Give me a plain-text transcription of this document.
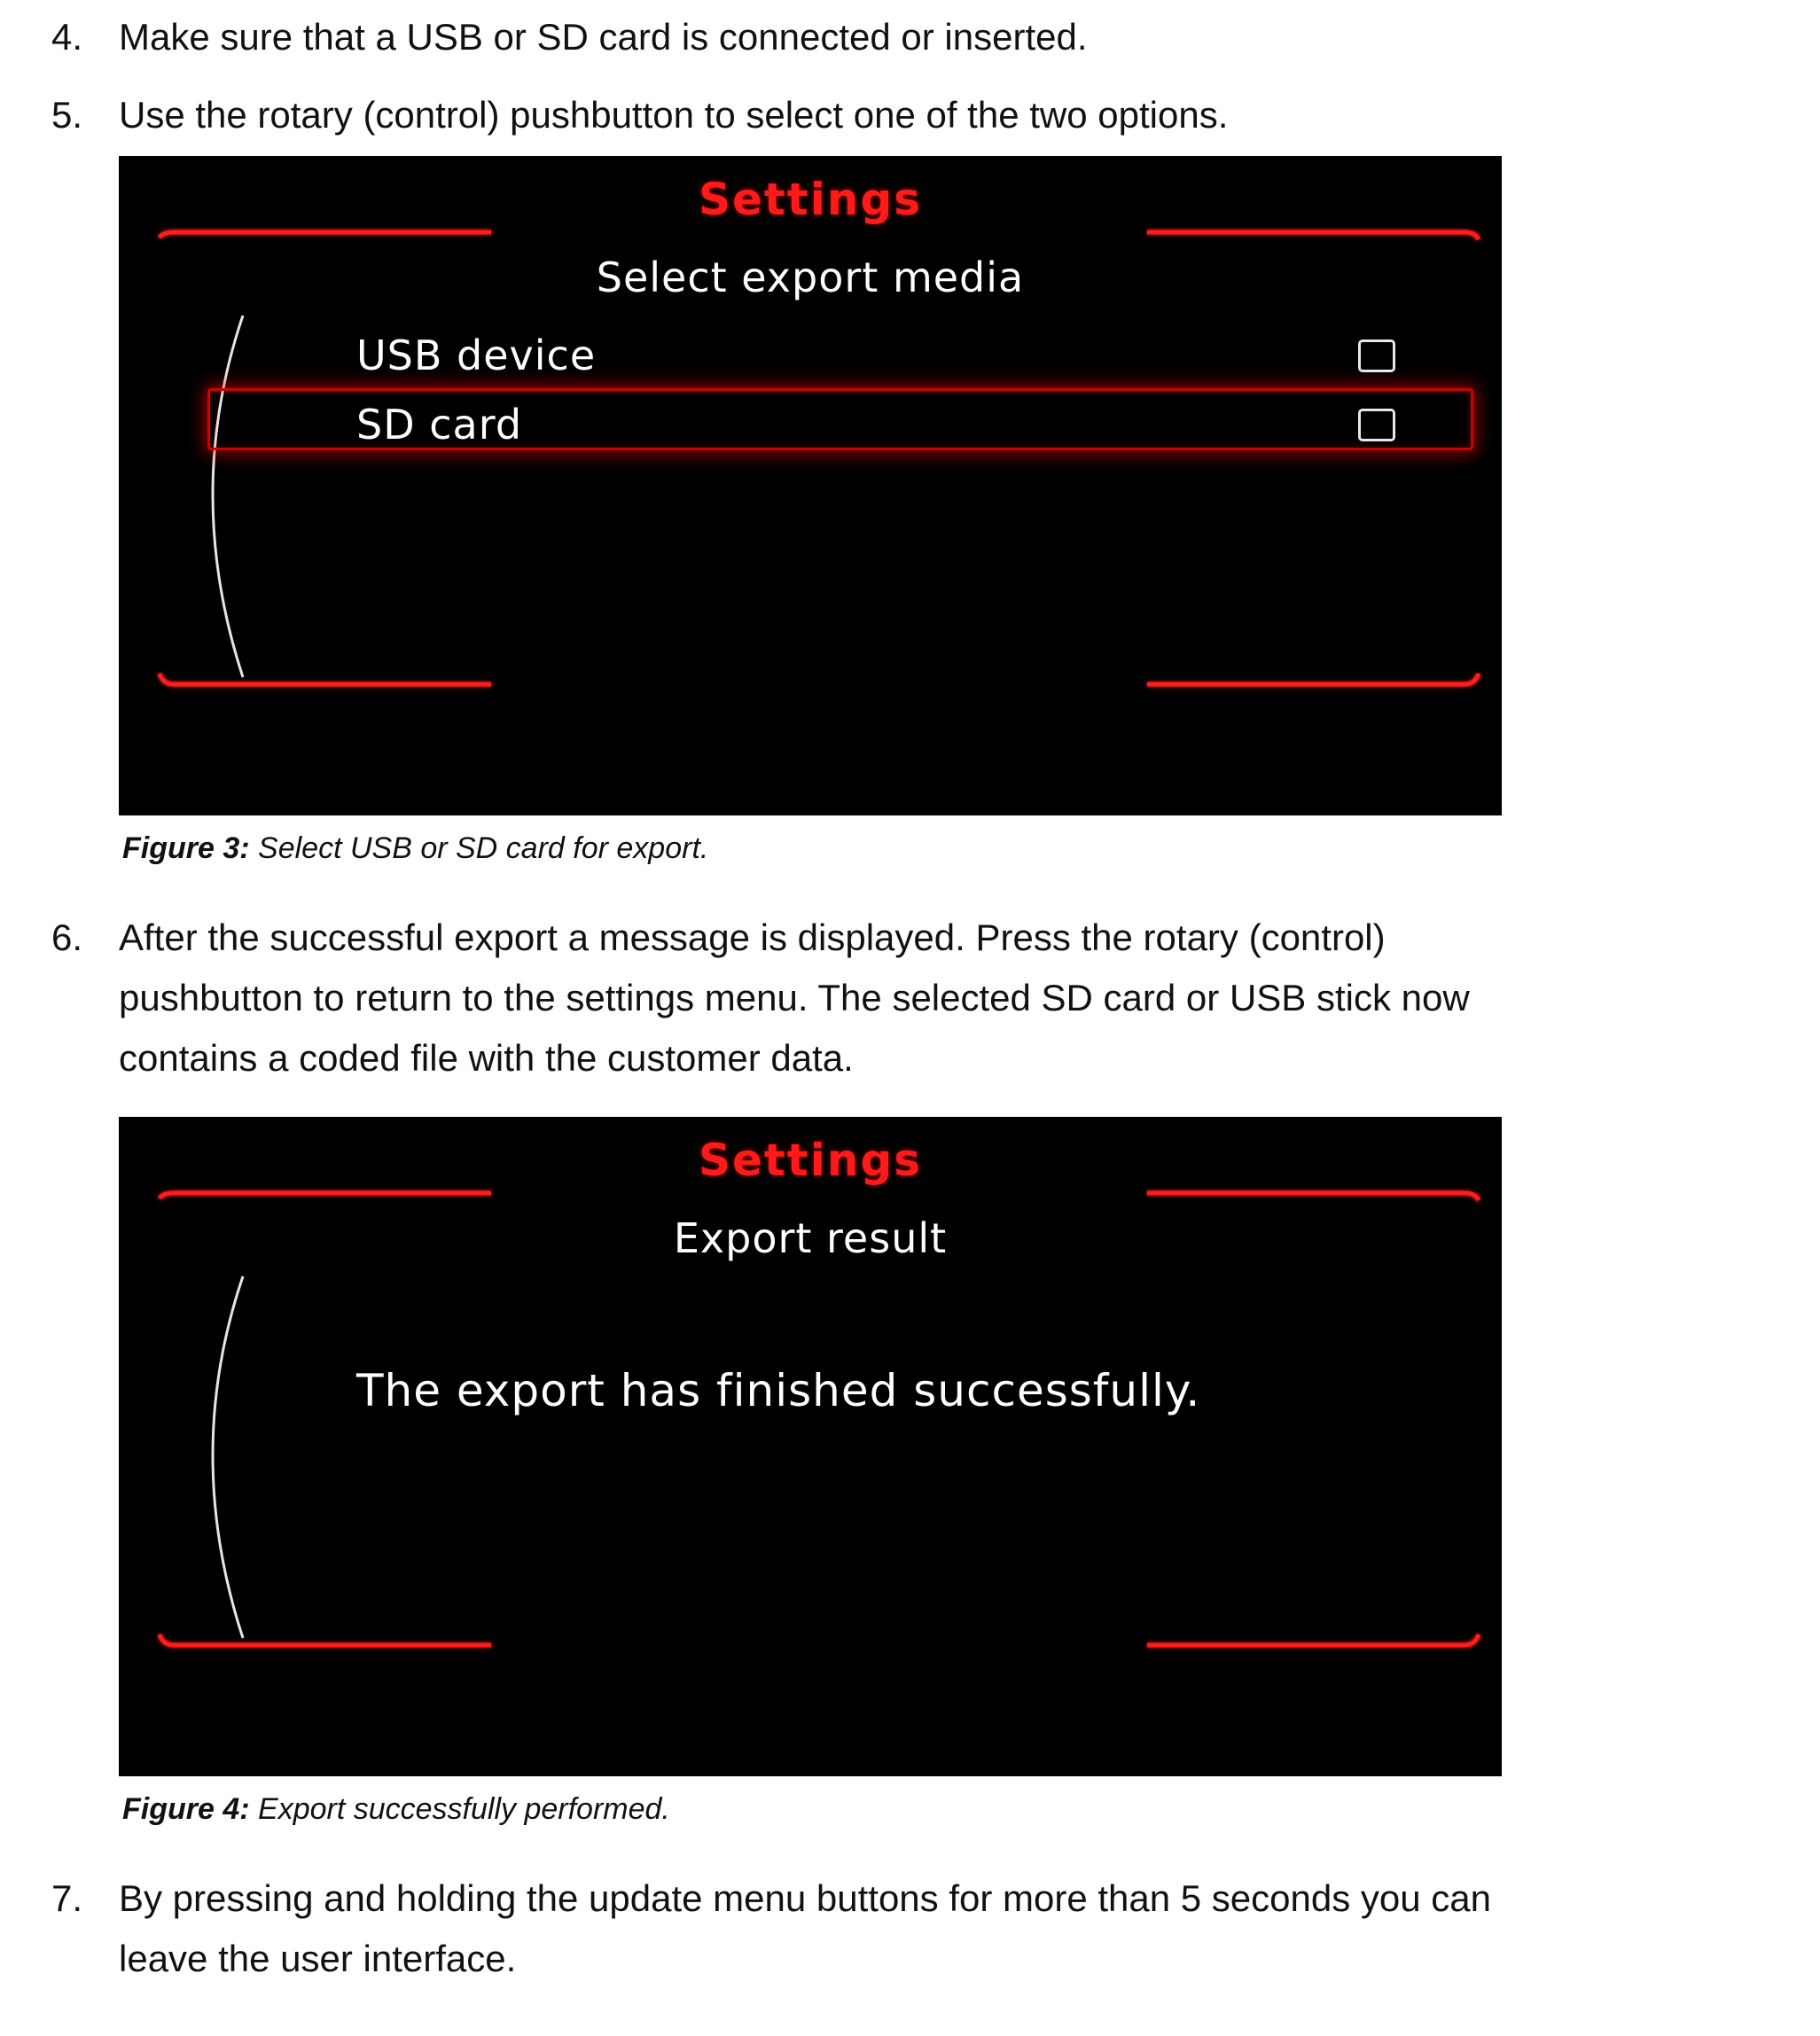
4. Make sure that a USB or SD card is connected or inserted.
5. Use the rotary (control) pushbutton to select one of the two options.
Settings
Select export media
USB device
SD card
Figure 3: Select USB or SD card for export.
6. After the successful export a message is displayed. Press the rotary (control)
pushbutton to return to the settings menu. The selected SD card or USB stick now
contains a coded file with the customer data.
Settings
Export result
The export has finished successfully.
Figure 4: Export successfully performed.
7. By pressing and holding the update menu buttons for more than 5 seconds you can
leave the user interface.
